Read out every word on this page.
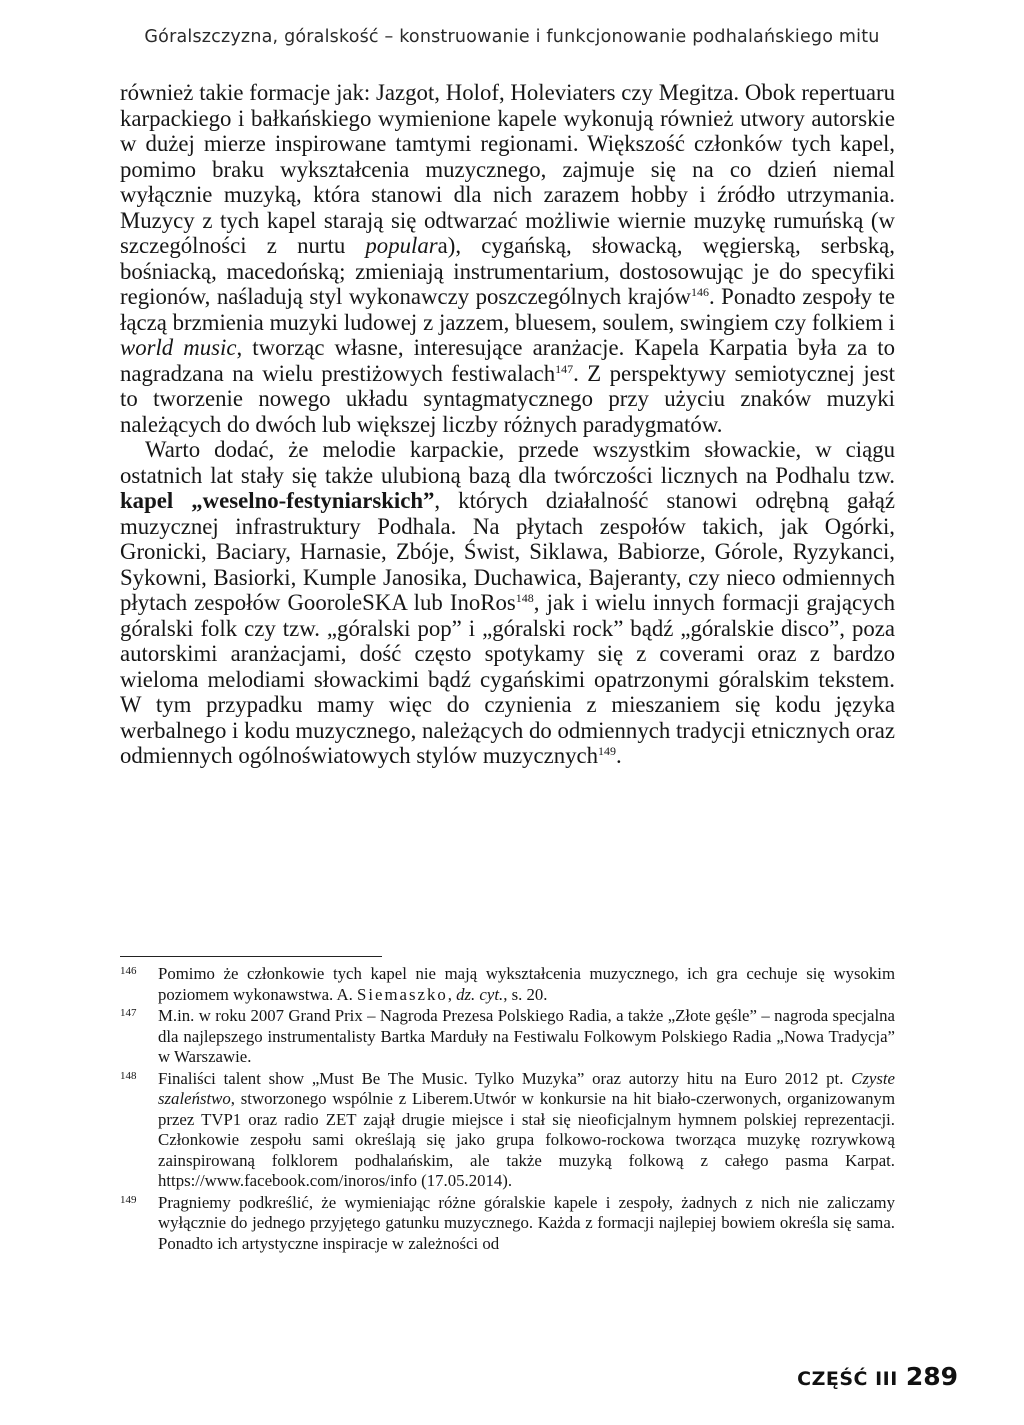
Góralszczyzna, góralskość – konstruowanie i funkcjonowanie podhalańskiego mitu

również takie formacje jak: Jazgot, Holof, Holeviaters czy Megitza. Obok repertuaru karpackiego i bałkańskiego wymienione kapele wykonują również utwory autorskie w dużej mierze inspirowane tamtymi regionami. Większość członków tych kapel, pomimo braku wykształcenia muzycznego, zajmuje się na co dzień niemal wyłącznie muzyką, która stanowi dla nich zarazem hobby i źródło utrzymania. Muzycy z tych kapel starają się odtwarzać możliwie wiernie muzykę rumuńską (w szczególności z nurtu populara), cygańską, słowacką, węgierską, serbską, bośniacką, macedońską; zmieniają instrumentarium, dostosowując je do specyfiki regionów, naśladują styl wykonawczy poszczególnych krajów$^{146}$. Ponadto zespoły te łączą brzmienia muzyki ludowej z jazzem, bluesem, soulem, swingiem czy folkiem i world music, tworząc własne, interesujące aranżacje. Kapela Karpatia była za to nagradzana na wielu prestiżowych festiwalach$^{147}$. Z perspektywy semiotycznej jest to tworzenie nowego układu syntagmatycznego przy użyciu znaków muzyki należących do dwóch lub większej liczby różnych paradygmatów.

Warto dodać, że melodie karpackie, przede wszystkim słowackie, w ciągu ostatnich lat stały się także ulubioną bazą dla twórczości licznych na Podhalu tzw. kapel „weselno-festyniarskich”, których działalność stanowi odrębną gałąź muzycznej infrastruktury Podhala. Na płytach zespołów takich, jak Ogórki, Gronicki, Baciary, Harnasie, Zbóje, Świst, Siklawa, Babiorze, Górole, Ryzykanci, Sykowni, Basiorki, Kumple Janosika, Duchawica, Bajeranty, czy nieco odmiennych płytach zespołów GooroleSKA lub InoRos$^{148}$, jak i wielu innych formacji grających góralski folk czy tzw. „góralski pop” i „góralski rock” bądź „góralskie disco”, poza autorskimi aranżacjami, dość często spotykamy się z coverami oraz z bardzo wieloma melodiami słowackimi bądź cygańskimi opatrzonymi góralskim tekstem. W tym przypadku mamy więc do czynienia z mieszaniem się kodu języka werbalnego i kodu muzycznego, należących do odmiennych tradycji etnicznych oraz odmiennych ogólnoświatowych stylów muzycznych$^{149}$.

146 Pomimo że członkowie tych kapel nie mają wykształcenia muzycznego, ich gra cechuje się wysokim poziomem wykonawstwa. A. Siemaszko, dz. cyt., s. 20.

147 M.in. w roku 2007 Grand Prix – Nagroda Prezesa Polskiego Radia, a także „Złote gęśle” – nagroda specjalna dla najlepszego instrumentalisty Bartka Marduły na Festiwalu Folkowym Polskiego Radia „Nowa Tradycja” w Warszawie.

148 Finaliści talent show „Must Be The Music. Tylko Muzyka” oraz autorzy hitu na Euro 2012 pt. Czyste szaleństwo, stworzonego wspólnie z Liberem.Utwór w konkursie na hit biało-czerwonych, organizowanym przez TVP1 oraz radio ZET zajął drugie miejsce i stał się nieoficjalnym hymnem polskiej reprezentacji. Członkowie zespołu sami określają się jako grupa folkowo-rockowa tworząca muzykę rozrywkową zainspirowaną folklorem podhalańskim, ale także muzyką folkową z całego pasma Karpat. https://www.facebook.com/inoros/info (17.05.2014).

149 Pragniemy podkreślić, że wymieniając różne góralskie kapele i zespoły, żadnych z nich nie zaliczamy wyłącznie do jednego przyjętego gatunku muzycznego. Każda z formacji najlepiej bowiem określa się sama. Ponadto ich artystyczne inspiracje w zależności od

CZĘŚĆ III 289
